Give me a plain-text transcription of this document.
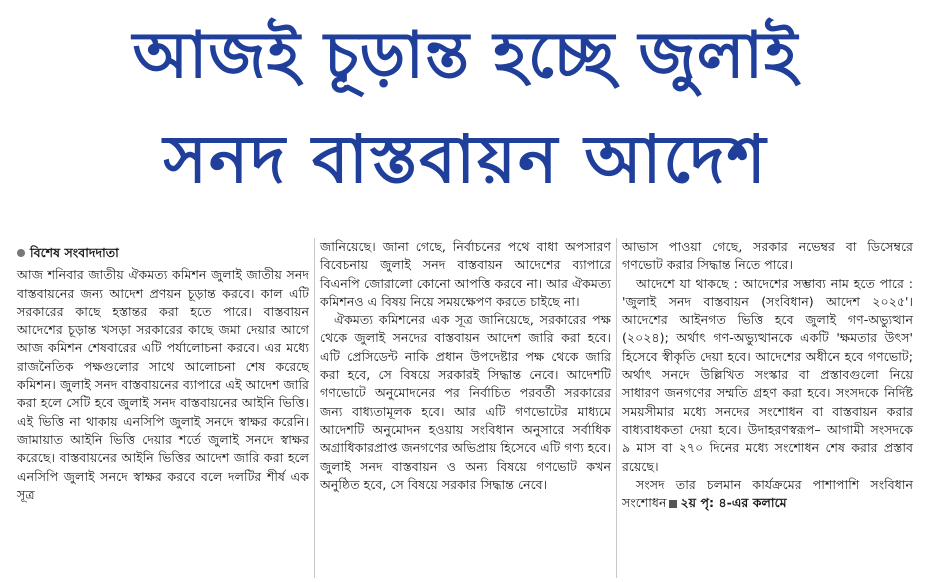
আজই চূড়ান্ত হচ্ছে জুলাই
সনদ বাস্তবায়ন আদেশ
বিশেষ সংবাদদাতা

আজ শনিবার জাতীয় ঐকমত্য কমিশন জুলাই জাতীয় সনদ বাস্তবায়নের জন্য আদেশ প্রণয়ন চূড়ান্ত করবে। কাল এটি সরকারের কাছে হস্তান্তর করা হতে পারে। বাস্তবায়ন আদেশের চূড়ান্ত খসড়া সরকারের কাছে জমা দেয়ার আগে আজ কমিশন শেষবারের এটি পর্যালোচনা করবে। এর মধ্যে রাজনৈতিক পক্ষগুলোর সাথে আলোচনা শেষ করেছে কমিশন। জুলাই সনদ বাস্তবায়নের ব্যাপারে এই আদেশ জারি করা হলে সেটি হবে জুলাই সনদ বাস্তবায়নের আইনি ভিত্তি। এই ভিত্তি না থাকায় এনসিপি জুলাই সনদে স্বাক্ষর করেনি। জামায়াত আইনি ভিত্তি দেয়ার শর্তে জুলাই সনদে স্বাক্ষর করেছে। বাস্তবায়নের আইনি ভিত্তির আদেশ জারি করা হলে এনসিপি জুলাই সনদে স্বাক্ষর করবে বলে দলটির শীর্ষ এক সূত্র

জানিয়েছে। জানা গেছে, নির্বাচনের পথে বাধা অপসারণ বিবেচনায় জুলাই সনদ বাস্তবায়ন আদেশের ব্যাপারে বিএনপি জোরালো কোনো আপত্তি করবে না। আর ঐকমত্য কমিশনও এ বিষয় নিয়ে সময়ক্ষেপণ করতে চাইছে না।

ঐকমত্য কমিশনের এক সূত্র জানিয়েছে, সরকারের পক্ষ থেকে জুলাই সনদের বাস্তবায়ন আদেশ জারি করা হবে। এটি প্রেসিডেন্ট নাকি প্রধান উপদেষ্টার পক্ষ থেকে জারি করা হবে, সে বিষয়ে সরকারই সিদ্ধান্ত নেবে। আদেশটি গণভোটে অনুমোদনের পর নির্বাচিত পরবর্তী সরকারের জন্য বাধ্যতামূলক হবে। আর এটি গণভোটের মাধ্যমে আদেশটি অনুমোদন হওয়ায় সংবিধান অনুসারে সর্বাধিক অগ্রাধিকারপ্রাপ্ত জনগণের অভিপ্রায় হিসেবে এটি গণ্য হবে। জুলাই সনদ বাস্তবায়ন ও অন্য বিষয়ে গণভোট কখন অনুষ্ঠিত হবে, সে বিষয়ে সরকার সিদ্ধান্ত নেবে।

আভাস পাওয়া গেছে, সরকার নভেম্বর বা ডিসেম্বরে গণভোট করার সিদ্ধান্ত নিতে পারে।

আদেশে যা থাকছে : আদেশের সম্ভাব্য নাম হতে পারে : 'জুলাই সনদ বাস্তবায়ন (সংবিধান) আদেশ ২০২৫'। আদেশের আইনগত ভিত্তি হবে জুলাই গণ-অভ্যুত্থান (২০২৪); অর্থাৎ গণ-অভ্যুত্থানকে একটি 'ক্ষমতার উৎস' হিসেবে স্বীকৃতি দেয়া হবে। আদেশের অধীনে হবে গণভোট; অর্থাৎ সনদে উল্লিখিত সংস্কার বা প্রস্তাবগুলো নিয়ে সাধারণ জনগণের সম্মতি গ্রহণ করা হবে। সংসদকে নির্দিষ্ট সময়সীমার মধ্যে সনদের সংশোধন বা বাস্তবায়ন করার বাধ্যবাধকতা দেয়া হবে। উদাহরণস্বরূপ– আগামী সংসদকে ৯ মাস বা ২৭০ দিনের মধ্যে সংশোধন শেষ করার প্রস্তাব রয়েছে।

সংসদ তার চলমান কার্যক্রমের পাশাপাশি সংবিধান সংশোধন ২য় পৃ: ৪-এর কলামে
